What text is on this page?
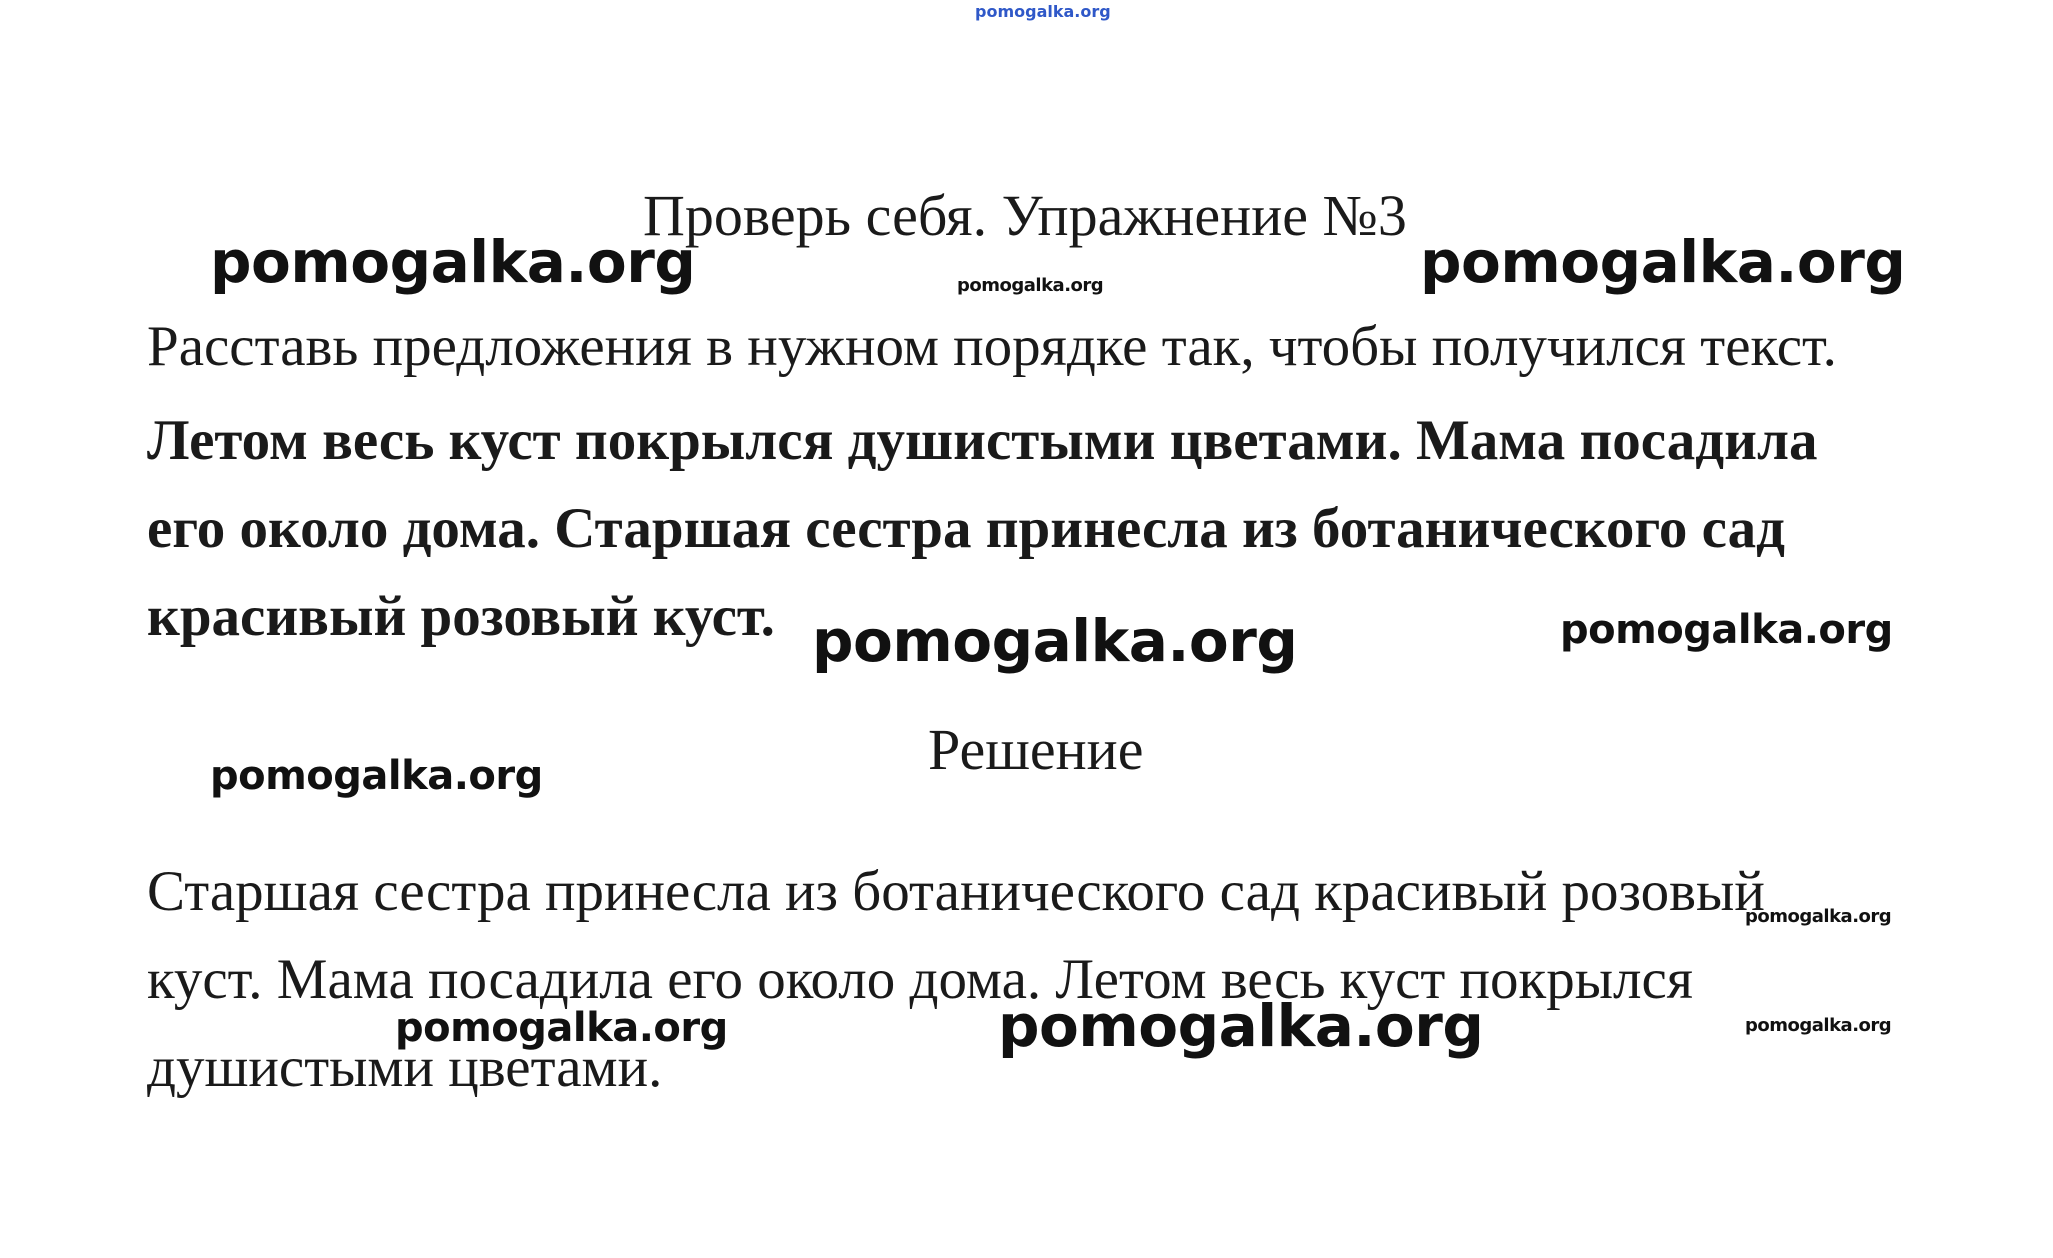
pomogalka.org
Проверь себя. Упражнение №3
pomogalka.org	pomogalka.org	pomogalka.org
Расставь предложения в нужном порядке так, чтобы получился текст.
Летом весь куст покрылся душистыми цветами. Мама посадила его около дома. Старшая сестра принесла из ботанического сад красивый розовый куст. pomogalka.org	pomogalka.org
Решение
pomogalka.org
Старшая сестра принесла из ботанического сад красивый розовый куст. Мама посадила его около дома. Летом весь куст покрылся душистыми цветами.
pomogalka.org
pomogalka.org	pomogalka.org	pomogalka.org
